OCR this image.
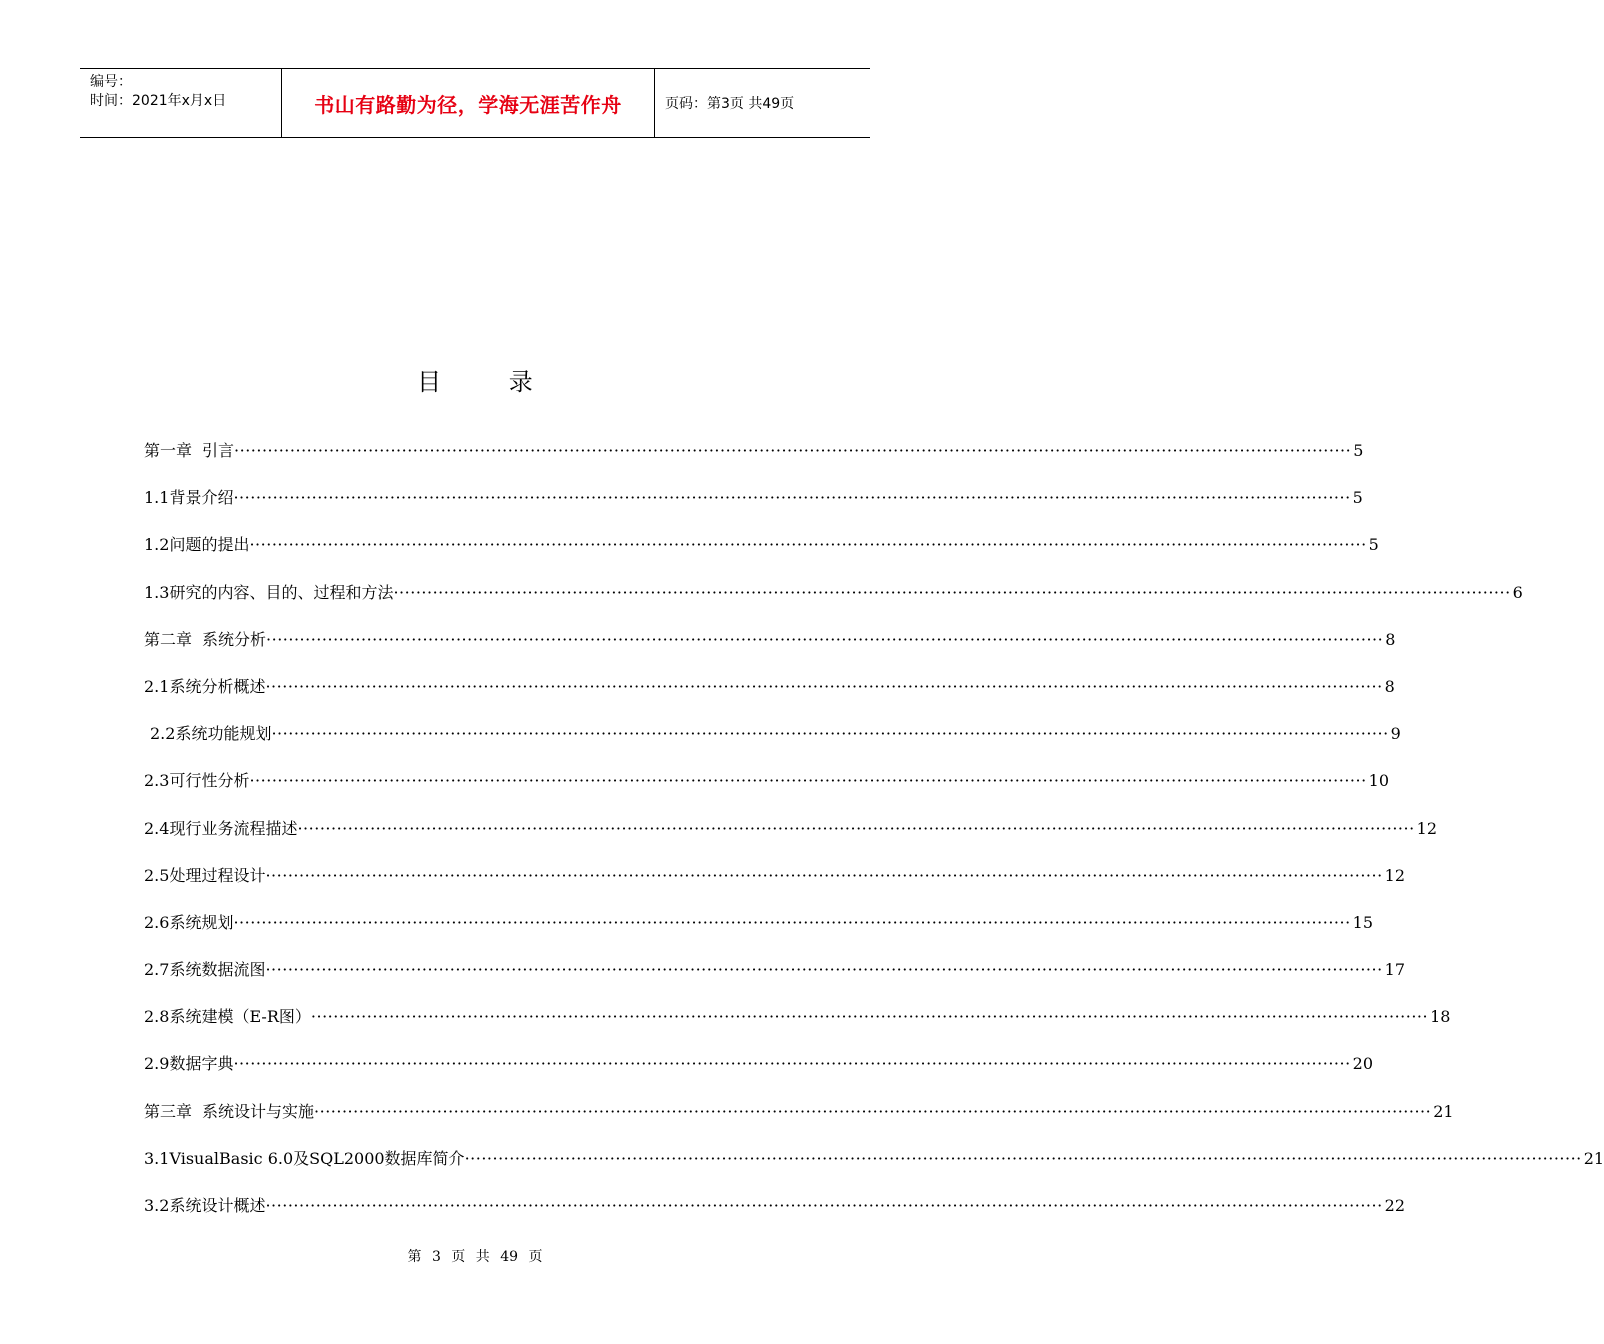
编号：
时间：2021年x月x日	书山有路勤为径，学海无涯苦作舟	页码：第3页 共49页
目 录
第一章 引言 ········································································································································································································ 5
1.1 背景介绍 ········································································································································································································ 5
1.2 问题的提出 ········································································································································································································ 5
1.3 研究的内容、目的、过程和方法 ········································································································································································································ 6
第二章 系统分析 ········································································································································································································ 8
2.1 系统分析概述 ········································································································································································································ 8
2.2 系统功能规划 ········································································································································································································ 9
2.3 可行性分析 ········································································································································································································ 10
2.4 现行业务流程描述 ········································································································································································································ 12
2.5 处理过程设计 ········································································································································································································ 12
2.6 系统规划 ········································································································································································································ 15
2.7 系统数据流图 ········································································································································································································ 17
2.8 系统建模（E-R图） ········································································································································································································ 18
2.9 数据字典 ········································································································································································································ 20
第三章 系统设计与实施 ········································································································································································································ 21
3.1 VisualBasic 6.0及SQL2000数据库简介 ········································································································································································································ 21
3.2 系统设计概述 ········································································································································································································ 22
第 3 页 共 49 页
